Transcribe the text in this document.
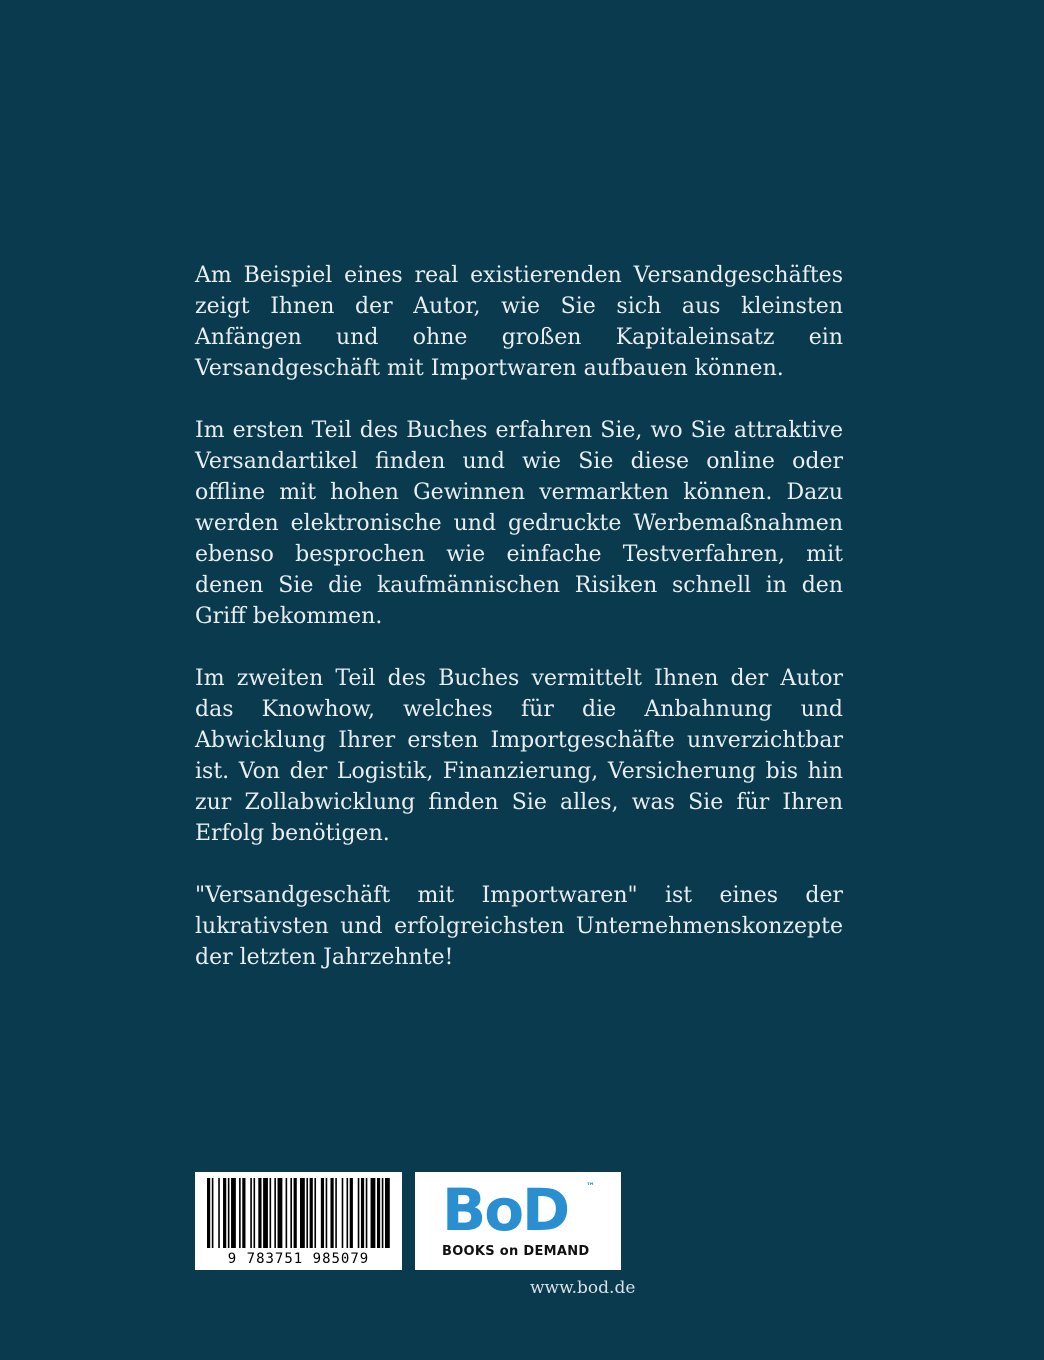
Am Beispiel eines real existierenden Versandgeschäftes zeigt Ihnen der Autor, wie Sie sich aus kleinsten Anfängen und ohne großen Kapitaleinsatz ein Versandgeschäft mit Importwaren aufbauen können.

Im ersten Teil des Buches erfahren Sie, wo Sie attraktive Versandartikel finden und wie Sie diese online oder offline mit hohen Gewinnen vermarkten können. Dazu werden elektronische und gedruckte Werbemaßnahmen ebenso besprochen wie einfache Testverfahren, mit denen Sie die kaufmännischen Risiken schnell in den Griff bekommen.

Im zweiten Teil des Buches vermittelt Ihnen der Autor das Knowhow, welches für die Anbahnung und Abwicklung Ihrer ersten Importgeschäfte unverzichtbar ist. Von der Logistik, Finanzierung, Versicherung bis hin zur Zollabwicklung finden Sie alles, was Sie für Ihren Erfolg benötigen.

"Versandgeschäft mit Importwaren" ist eines der lukrativsten und erfolgreichsten Unternehmenskonzepte der letzten Jahrzehnte!

9 783751 985079
BoD ™
BOOKS on DEMAND
www.bod.de
